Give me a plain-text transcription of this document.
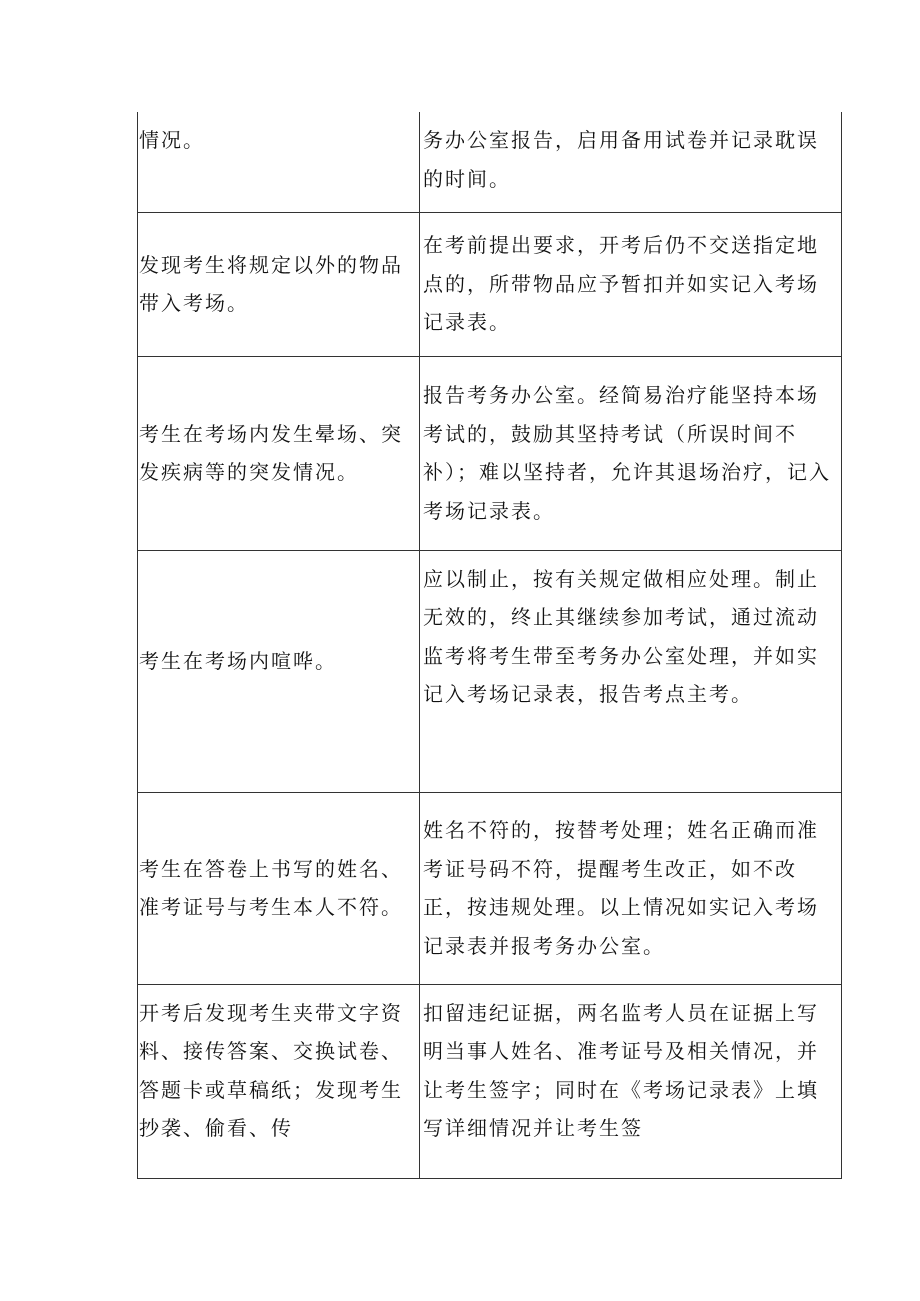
情况。	务办公室报告，启用备用试卷并记录耽误的时间。
发现考生将规定以外的物品带入考场。	在考前提出要求，开考后仍不交送指定地点的，所带物品应予暂扣并如实记入考场记录表。
考生在考场内发生晕场、突发疾病等的突发情况。	报告考务办公室。经简易治疗能坚持本场考试的，鼓励其坚持考试（所误时间不补）；难以坚持者，允许其退场治疗，记入考场记录表。
考生在考场内喧哗。	应以制止，按有关规定做相应处理。制止无效的，终止其继续参加考试，通过流动监考将考生带至考务办公室处理，并如实记入考场记录表，报告考点主考。
考生在答卷上书写的姓名、准考证号与考生本人不符。	姓名不符的，按替考处理；姓名正确而准考证号码不符，提醒考生改正，如不改正，按违规处理。以上情况如实记入考场记录表并报考务办公室。
开考后发现考生夹带文字资料、接传答案、交换试卷、答题卡或草稿纸；发现考生抄袭、偷看、传	扣留违纪证据，两名监考人员在证据上写明当事人姓名、准考证号及相关情况，并让考生签字；同时在《考场记录表》上填写详细情况并让考生签
